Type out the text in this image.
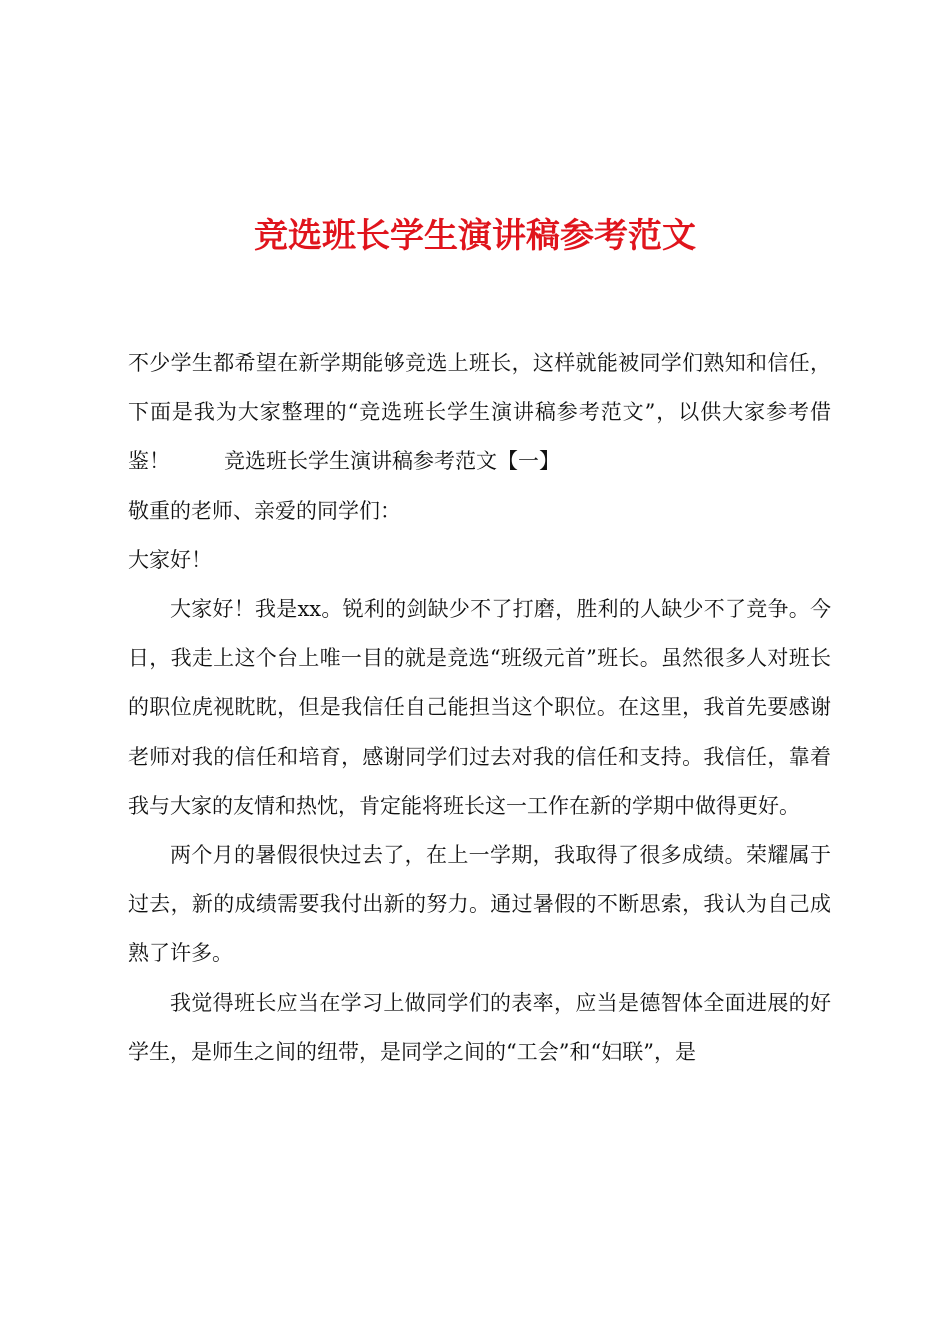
竞选班长学生演讲稿参考范文

不少学生都希望在新学期能够竞选上班长，这样就能被同学们熟知和信任，下面是我为大家整理的“竞选班长学生演讲稿参考范文”，以供大家参考借鉴！	竞选班长学生演讲稿参考范文【一】

敬重的老师、亲爱的同学们：

大家好！

大家好！我是xx。锐利的剑缺少不了打磨，胜利的人缺少不了竞争。今日，我走上这个台上唯一目的就是竞选“班级元首”班长。虽然很多人对班长的职位虎视眈眈，但是我信任自己能担当这个职位。在这里，我首先要感谢老师对我的信任和培育，感谢同学们过去对我的信任和支持。我信任，靠着我与大家的友情和热忱，肯定能将班长这一工作在新的学期中做得更好。

两个月的暑假很快过去了，在上一学期，我取得了很多成绩。荣耀属于过去，新的成绩需要我付出新的努力。通过暑假的不断思索，我认为自己成熟了许多。

我觉得班长应当在学习上做同学们的表率，应当是德智体全面进展的好学生，是师生之间的纽带，是同学之间的“工会”和“妇联”，是
